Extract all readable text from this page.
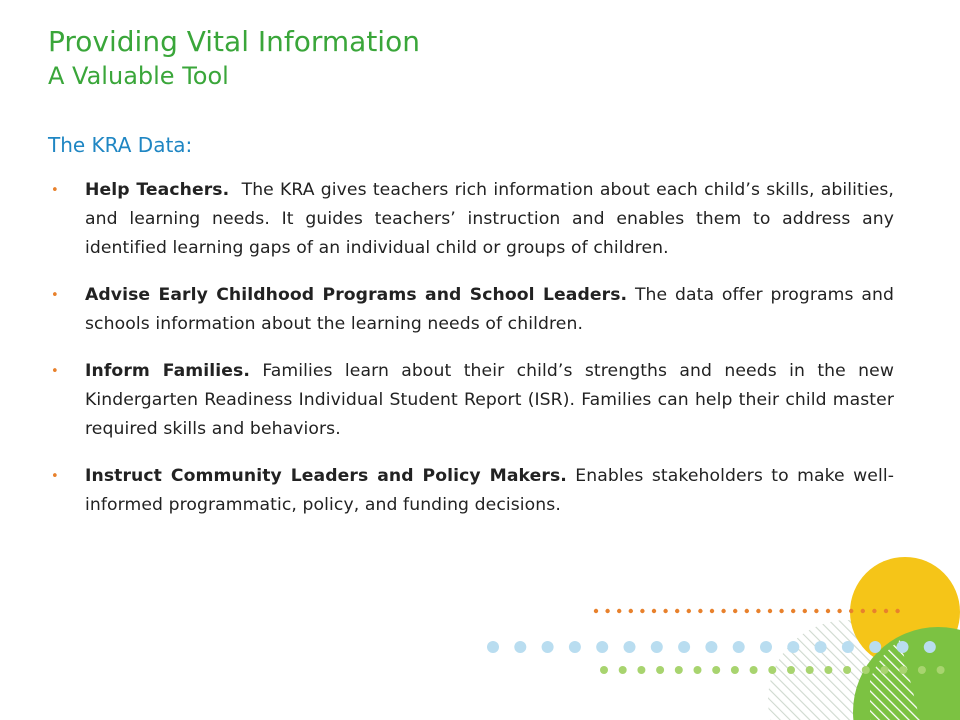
Providing Vital Information
A Valuable Tool
The KRA Data:
• Help Teachers.  The KRA gives teachers rich information about each child’s skills, abilities, and learning needs. It guides teachers’ instruction and enables them to address any identified learning gaps of an individual child or groups of children.
• Advise Early Childhood Programs and School Leaders. The data offer programs and schools information about the learning needs of children.
• Inform Families. Families learn about their child’s strengths and needs in the new Kindergarten Readiness Individual Student Report (ISR). Families can help their child master required skills and behaviors.
• Instruct Community Leaders and Policy Makers. Enables stakeholders to make well-informed programmatic, policy, and funding decisions.
